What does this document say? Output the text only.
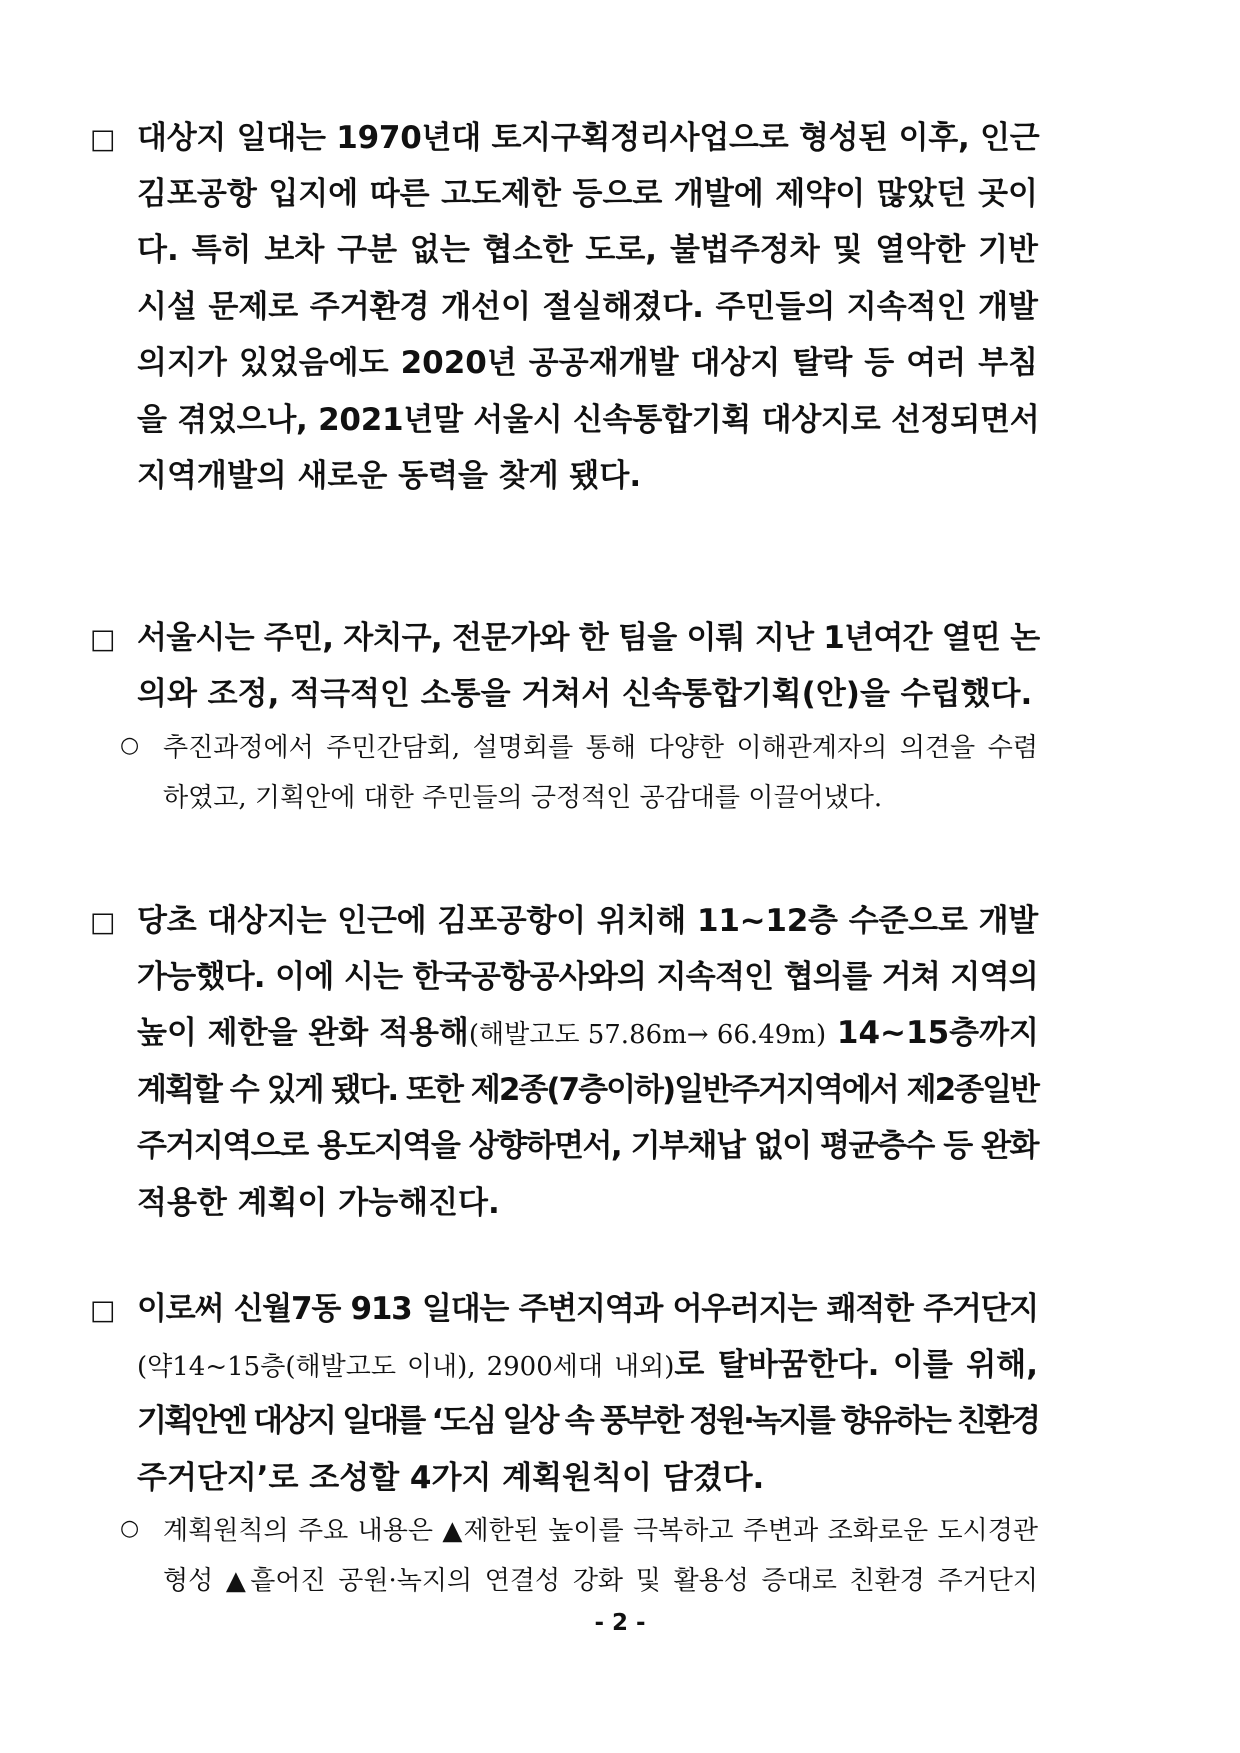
□ 대상지 일대는 1970년대 토지구획정리사업으로 형성된 이후, 인근
김포공항 입지에 따른 고도제한 등으로 개발에 제약이 많았던 곳이
다. 특히 보차 구분 없는 협소한 도로, 불법주정차 및 열악한 기반
시설 문제로 주거환경 개선이 절실해졌다. 주민들의 지속적인 개발
의지가 있었음에도 2020년 공공재개발 대상지 탈락 등 여러 부침
을 겪었으나, 2021년말 서울시 신속통합기획 대상지로 선정되면서
지역개발의 새로운 동력을 찾게 됐다.
□ 서울시는 주민, 자치구, 전문가와 한 팀을 이뤄 지난 1년여간 열띤 논
의와 조정, 적극적인 소통을 거쳐서 신속통합기획(안)을 수립했다.
○ 추진과정에서 주민간담회, 설명회를 통해 다양한 이해관계자의 의견을 수렴
하였고, 기획안에 대한 주민들의 긍정적인 공감대를 이끌어냈다.
□ 당초 대상지는 인근에 김포공항이 위치해 11~12층 수준으로 개발
가능했다. 이에 시는 한국공항공사와의 지속적인 협의를 거쳐 지역의
높이 제한을 완화 적용해(해발고도 57.86m→ 66.49m) 14~15층까지
계획할 수 있게 됐다. 또한 제2종(7층이하)일반주거지역에서 제2종일반
주거지역으로 용도지역을 상향하면서, 기부채납 없이 평균층수 등 완화
적용한 계획이 가능해진다.
□ 이로써 신월7동 913 일대는 주변지역과 어우러지는 쾌적한 주거단지
(약14~15층(해발고도 이내), 2900세대 내외)로 탈바꿈한다. 이를 위해,
기획안엔 대상지 일대를 ‘도심 일상 속 풍부한 정원·녹지를 향유하는 친환경
주거단지’로 조성할 4가지 계획원칙이 담겼다.
○ 계획원칙의 주요 내용은 ▲제한된 높이를 극복하고 주변과 조화로운 도시경관
형성 ▲흩어진 공원·녹지의 연결성 강화 및 활용성 증대로 친환경 주거단지
- 2 -
